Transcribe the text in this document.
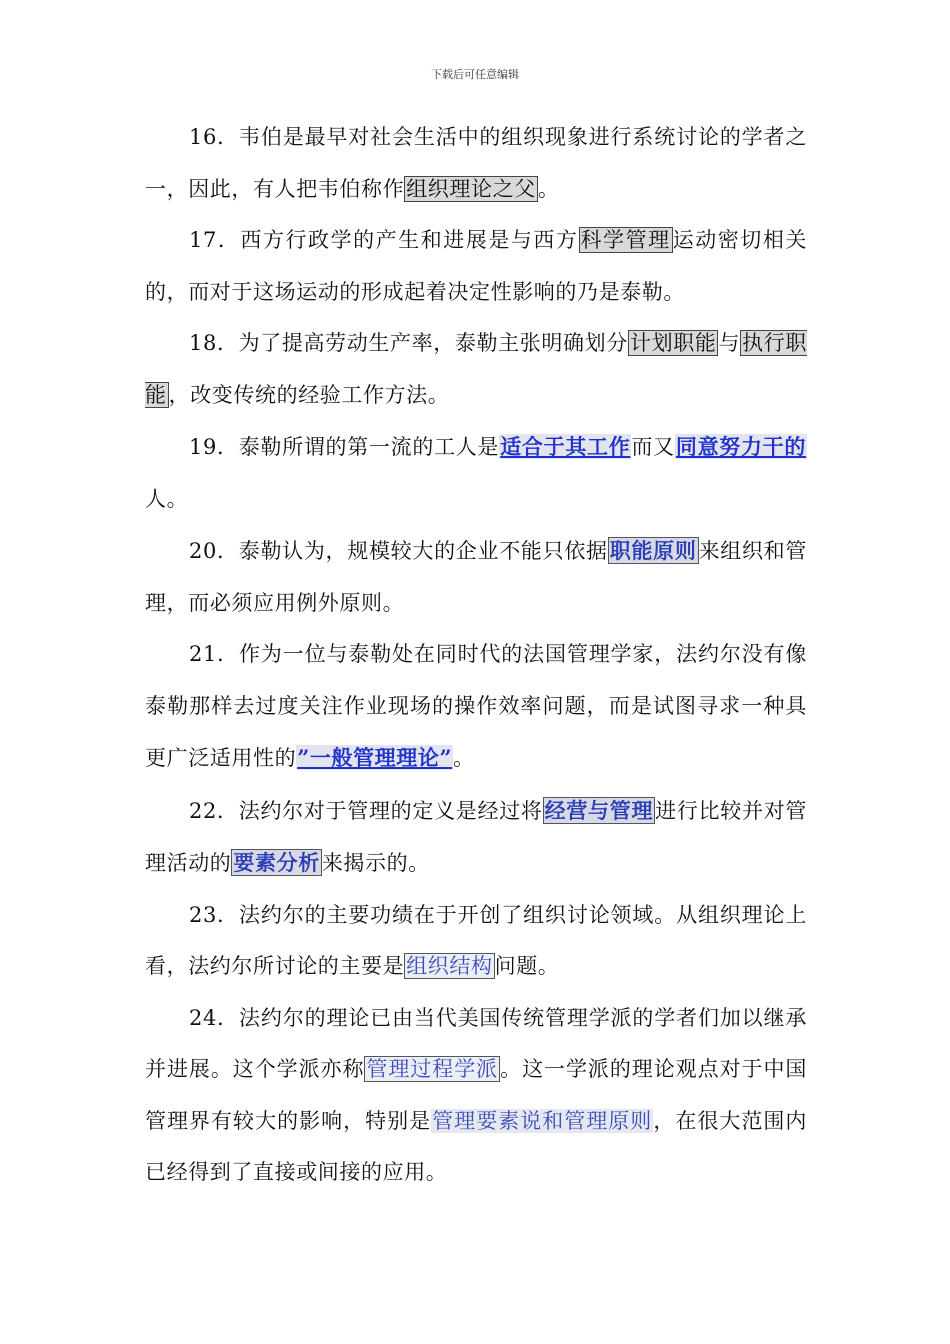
下载后可任意编辑

16．韦伯是最早对社会生活中的组织现象进行系统讨论的学者之一，因此，有人把韦伯称作组织理论之父。

17．西方行政学的产生和进展是与西方科学管理运动密切相关的，而对于这场运动的形成起着决定性影响的乃是泰勒。

18．为了提高劳动生产率，泰勒主张明确划分计划职能与执行职能，改变传统的经验工作方法。

19．泰勒所谓的第一流的工人是适合于其工作而又同意努力干的人。

20．泰勒认为，规模较大的企业不能只依据职能原则来组织和管理，而必须应用例外原则。

21．作为一位与泰勒处在同时代的法国管理学家，法约尔没有像泰勒那样去过度关注作业现场的操作效率问题，而是试图寻求一种具更广泛适用性的”一般管理理论”。

22．法约尔对于管理的定义是经过将经营与管理进行比较并对管理活动的要素分析来揭示的。

23．法约尔的主要功绩在于开创了组织讨论领域。从组织理论上看，法约尔所讨论的主要是组织结构问题。

24．法约尔的理论已由当代美国传统管理学派的学者们加以继承并进展。这个学派亦称管理过程学派。这一学派的理论观点对于中国管理界有较大的影响，特别是管理要素说和管理原则，在很大范围内已经得到了直接或间接的应用。
